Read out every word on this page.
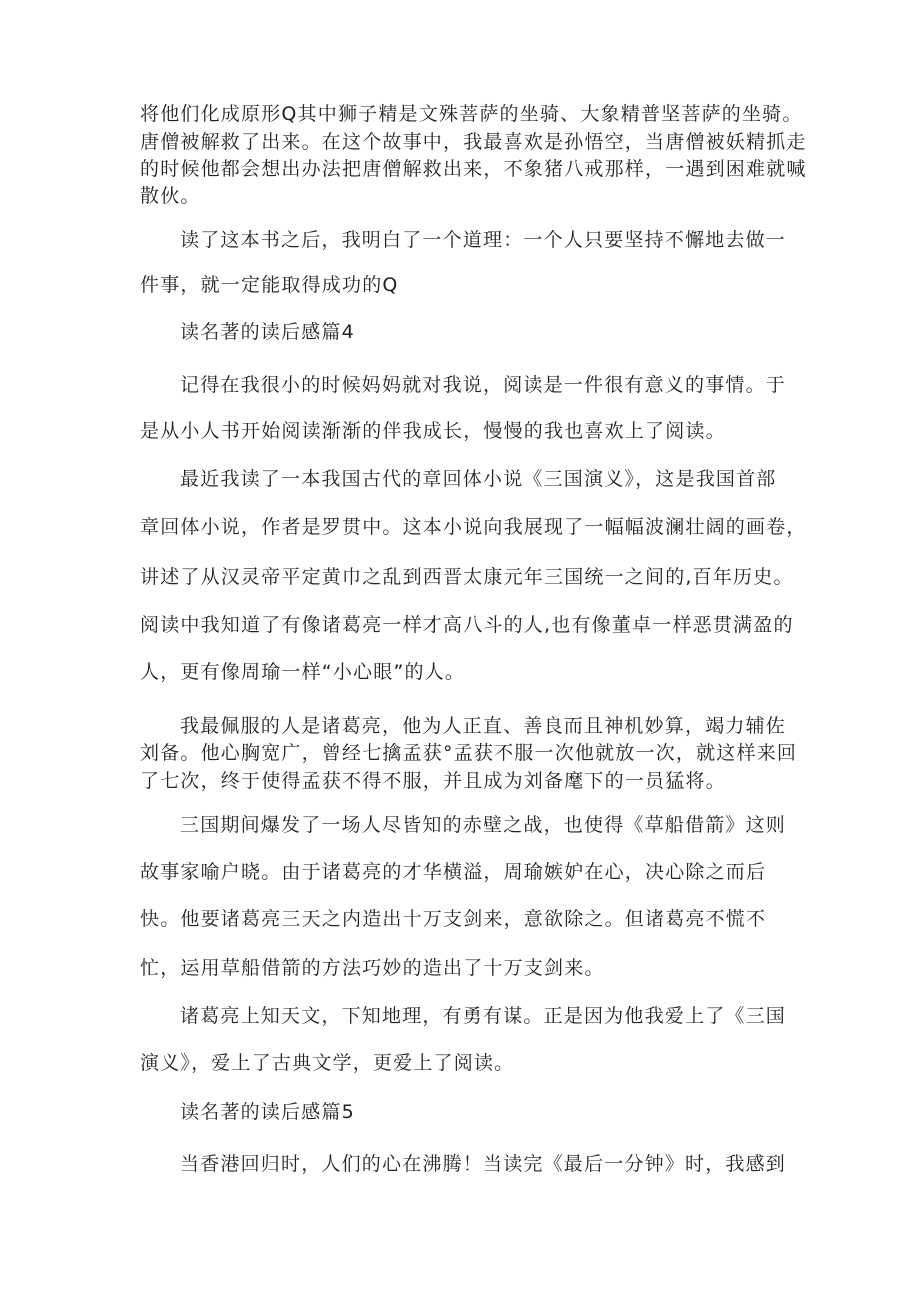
将他们化成原形Q其中狮子精是文殊菩萨的坐骑、大象精普坚菩萨的坐骑。
唐僧被解救了出来。在这个故事中，我最喜欢是孙悟空，当唐僧被妖精抓走
的时候他都会想出办法把唐僧解救出来，不象猪八戒那样，一遇到困难就喊
散伙。
读了这本书之后，我明白了一个道理：一个人只要坚持不懈地去做一
件事，就一定能取得成功的Q
读名著的读后感篇4
记得在我很小的时候妈妈就对我说，阅读是一件很有意义的事情。于
是从小人书开始阅读渐渐的伴我成长，慢慢的我也喜欢上了阅读。
最近我读了一本我国古代的章回体小说《三国演义》，这是我国首部
章回体小说，作者是罗贯中。这本小说向我展现了一幅幅波澜壮阔的画卷，
讲述了从汉灵帝平定黄巾之乱到西晋太康元年三国统一之间的,百年历史。
阅读中我知道了有像诸葛亮一样才高八斗的人,也有像董卓一样恶贯满盈的
人，更有像周瑜一样“小心眼”的人。
我最佩服的人是诸葛亮，他为人正直、善良而且神机妙算，竭力辅佐
刘备。他心胸宽广，曾经七擒孟获°孟获不服一次他就放一次，就这样来回
了七次，终于使得孟获不得不服，并且成为刘备麾下的一员猛将。
三国期间爆发了一场人尽皆知的赤壁之战，也使得《草船借箭》这则
故事家喻户晓。由于诸葛亮的才华横溢，周瑜嫉妒在心，决心除之而后
快。他要诸葛亮三天之内造出十万支剑来，意欲除之。但诸葛亮不慌不
忙，运用草船借箭的方法巧妙的造出了十万支剑来。
诸葛亮上知天文，下知地理，有勇有谋。正是因为他我爱上了《三国
演义》，爱上了古典文学，更爱上了阅读。
读名著的读后感篇5
当香港回归时，人们的心在沸腾！当读完《最后一分钟》时，我感到
